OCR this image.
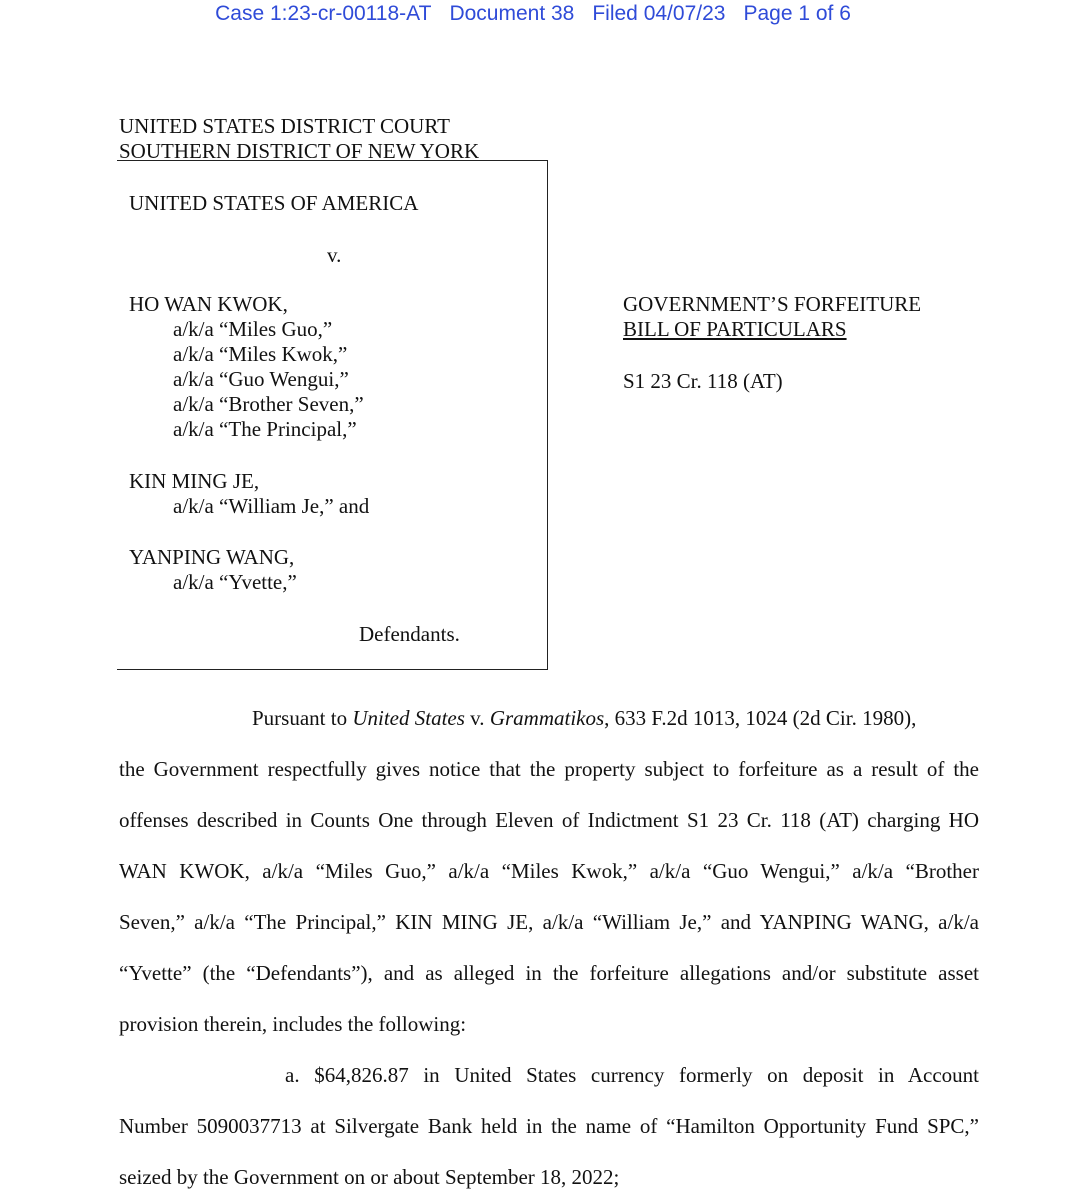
Case 1:23-cr-00118-AT Document 38 Filed 04/07/23 Page 1 of 6
UNITED STATES DISTRICT COURT
SOUTHERN DISTRICT OF NEW YORK
UNITED STATES OF AMERICA
v.
HO WAN KWOK,
a/k/a “Miles Guo,”
a/k/a “Miles Kwok,”
a/k/a “Guo Wengui,”
a/k/a “Brother Seven,”
a/k/a “The Principal,”
KIN MING JE,
a/k/a “William Je,” and
YANPING WANG,
a/k/a “Yvette,”
Defendants.
GOVERNMENT’S FORFEITURE
BILL OF PARTICULARS
S1 23 Cr. 118 (AT)
Pursuant to United States v. Grammatikos, 633 F.2d 1013, 1024 (2d Cir. 1980),
the Government respectfully gives notice that the property subject to forfeiture as a result of the
offenses described in Counts One through Eleven of Indictment S1 23 Cr. 118 (AT) charging HO
WAN KWOK, a/k/a “Miles Guo,” a/k/a “Miles Kwok,” a/k/a “Guo Wengui,” a/k/a “Brother
Seven,” a/k/a “The Principal,” KIN MING JE, a/k/a “William Je,” and YANPING WANG, a/k/a
“Yvette” (the “Defendants”), and as alleged in the forfeiture allegations and/or substitute asset
provision therein, includes the following:
a. $64,826.87 in United States currency formerly on deposit in Account
Number 5090037713 at Silvergate Bank held in the name of “Hamilton Opportunity Fund SPC,”
seized by the Government on or about September 18, 2022;
